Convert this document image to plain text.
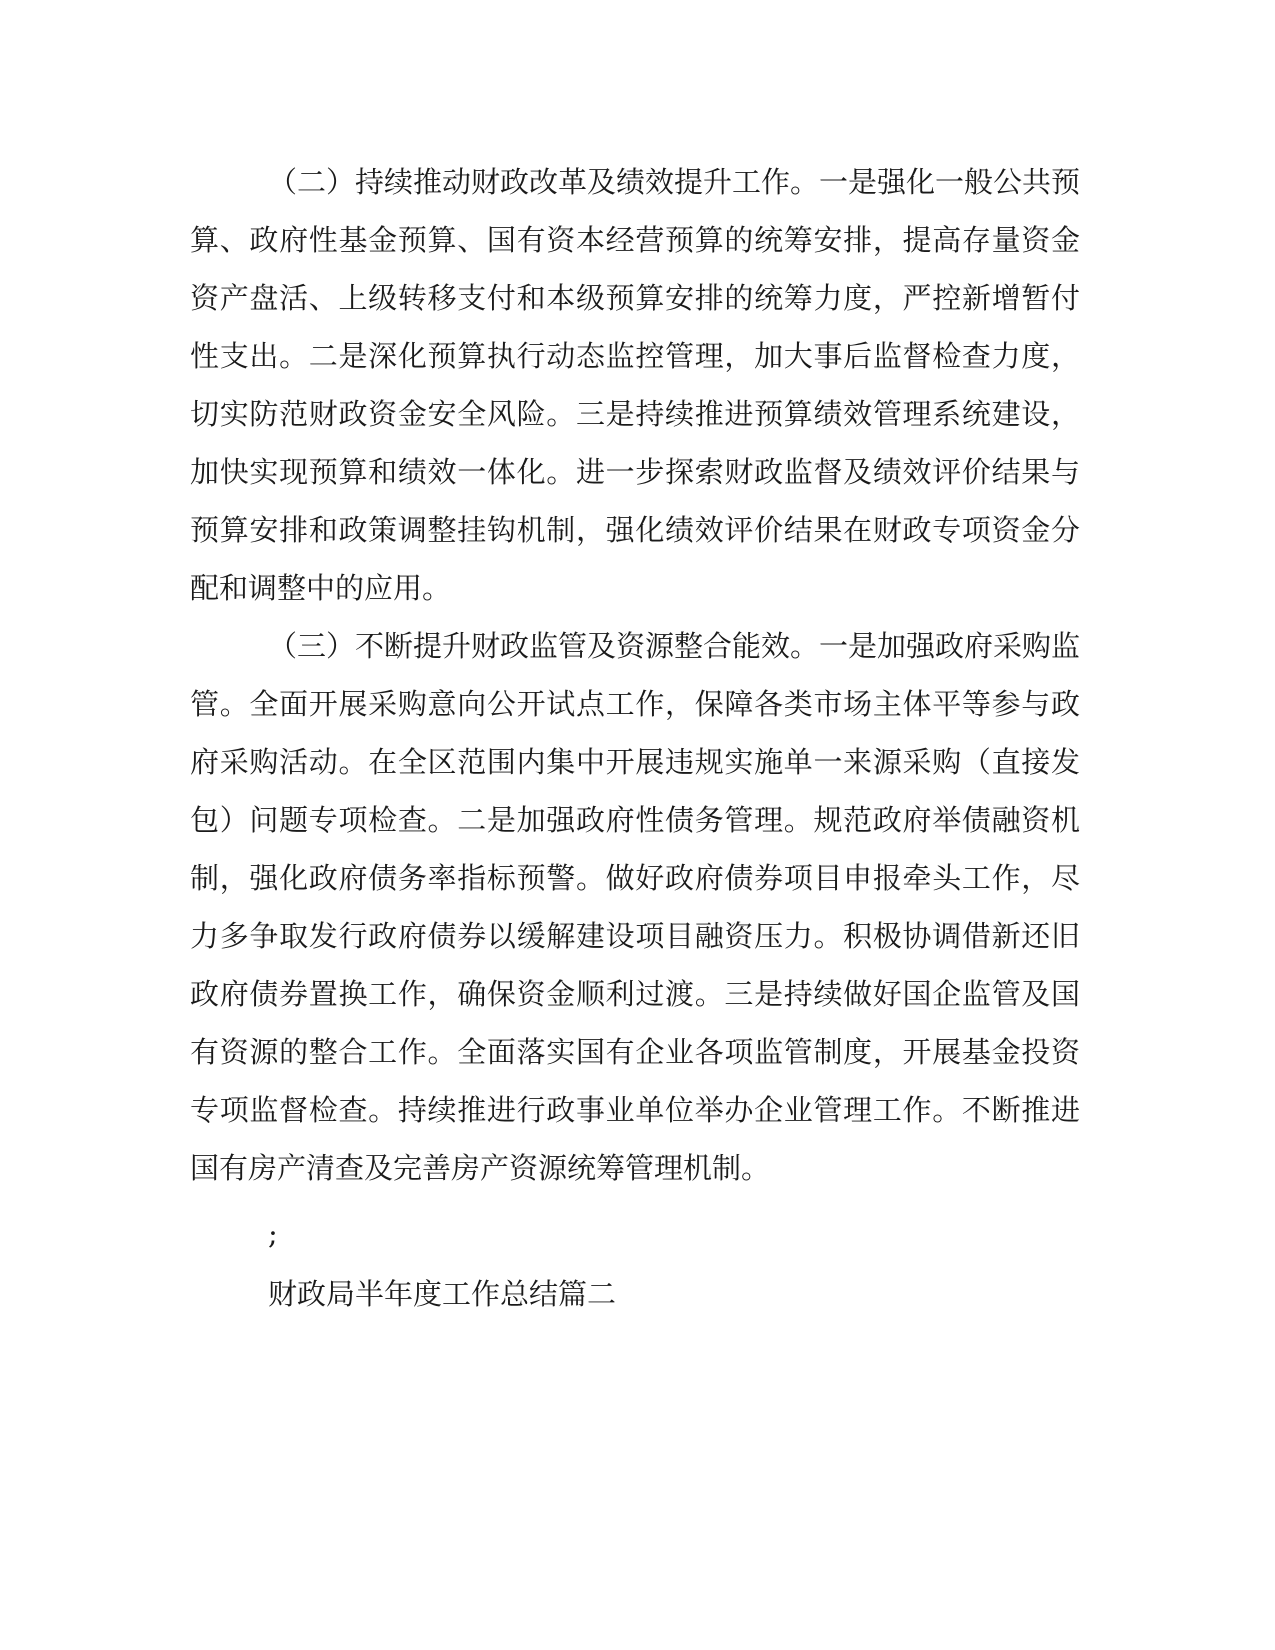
（二）持续推动财政改革及绩效提升工作。一是强化一般公共预
算、政府性基金预算、国有资本经营预算的统筹安排，提高存量资金
资产盘活、上级转移支付和本级预算安排的统筹力度，严控新增暂付
性支出。二是深化预算执行动态监控管理，加大事后监督检查力度，
切实防范财政资金安全风险。三是持续推进预算绩效管理系统建设，
加快实现预算和绩效一体化。进一步探索财政监督及绩效评价结果与
预算安排和政策调整挂钩机制，强化绩效评价结果在财政专项资金分
配和调整中的应用。
（三）不断提升财政监管及资源整合能效。一是加强政府采购监
管。全面开展采购意向公开试点工作，保障各类市场主体平等参与政
府采购活动。在全区范围内集中开展违规实施单一来源采购（直接发
包）问题专项检查。二是加强政府性债务管理。规范政府举债融资机
制，强化政府债务率指标预警。做好政府债券项目申报牵头工作，尽
力多争取发行政府债券以缓解建设项目融资压力。积极协调借新还旧
政府债券置换工作，确保资金顺利过渡。三是持续做好国企监管及国
有资源的整合工作。全面落实国有企业各项监管制度，开展基金投资
专项监督检查。持续推进行政事业单位举办企业管理工作。不断推进
国有房产清查及完善房产资源统筹管理机制。
;
财政局半年度工作总结篇二
